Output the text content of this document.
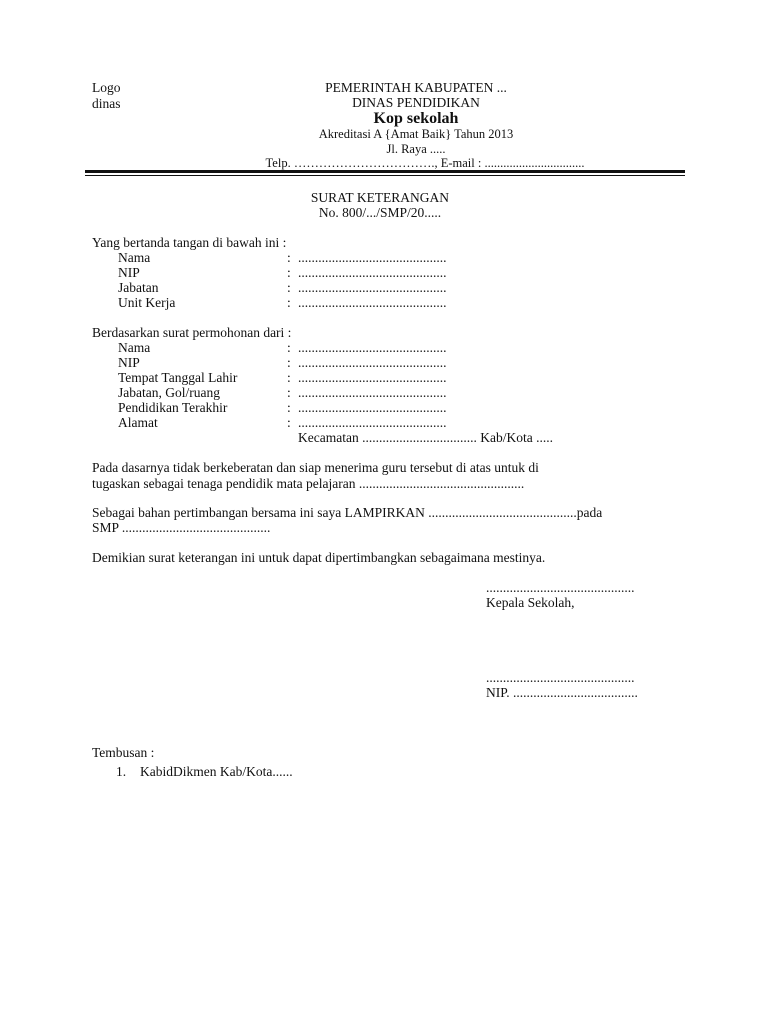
Logo
dinas
PEMERINTAH KABUPATEN ...
DINAS PENDIDIKAN
Kop sekolah
Akreditasi A {Amat Baik} Tahun 2013
Jl. Raya .....
Telp. ……………………………., E-mail : ................................
SURAT KETERANGAN
No. 800/.../SMP/20.....
Yang bertanda tangan di bawah ini :
Nama	: ............................................
NIP	: ............................................
Jabatan	: ............................................
Unit Kerja	: ............................................
Berdasarkan surat permohonan dari :
Nama	: ............................................
NIP	: ............................................
Tempat Tanggal Lahir	: ............................................
Jabatan, Gol/ruang	: ............................................
Pendidikan Terakhir	: ............................................
Alamat	: ............................................
Kecamatan .................................. Kab/Kota .....
Pada dasarnya tidak berkeberatan dan siap menerima guru tersebut di atas untuk di
tugaskan sebagai tenaga pendidik mata pelajaran .................................................
Sebagai bahan pertimbangan bersama ini saya LAMPIRKAN ............................................pada
SMP ............................................
Demikian surat keterangan ini untuk dapat dipertimbangkan sebagaimana mestinya.
............................................
Kepala Sekolah,
............................................
NIP. .....................................
Tembusan :
1. KabidDikmen Kab/Kota......
